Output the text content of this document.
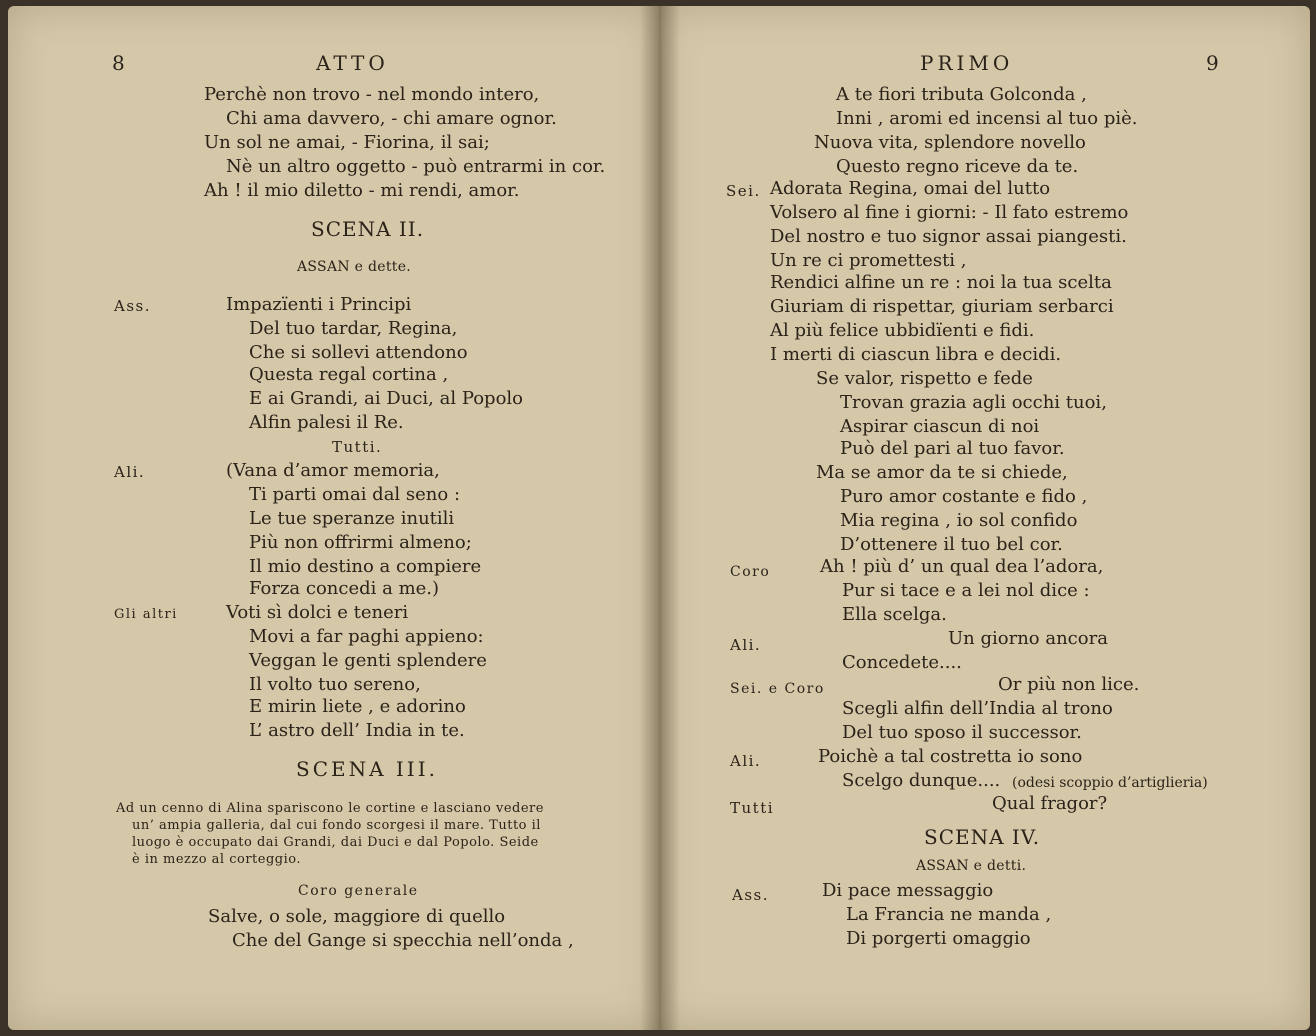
8	ATTO
Perchè non trovo - nel mondo intero,
Chi ama davvero, - chi amare ognor.
Un sol ne amai, - Fiorina, il sai;
Nè un altro oggetto - può entrarmi in cor.
Ah ! il mio diletto - mi rendi, amor.
SCENA II.
ASSAN e dette.
Ass.	Impazïenti i Principi
Del tuo tardar, Regina,
Che si sollevi attendono
Questa regal cortina ,
E ai Grandi, ai Duci, al Popolo
Alfin palesi il Re.
Tutti.
Ali.	(Vana d’amor memoria,
Ti parti omai dal seno :
Le tue speranze inutili
Più non offrirmi almeno;
Il mio destino a compiere
Forza concedi a me.)
Gli altri	Voti sì dolci e teneri
Movi a far paghi appieno:
Veggan le genti splendere
Il volto tuo sereno,
E mirin liete , e adorino
L’ astro dell’ India in te.
SCENA III.
Ad un cenno di Alina spariscono le cortine e lasciano vedere
un’ ampia galleria, dal cui fondo scorgesi il mare. Tutto il
luogo è occupato dai Grandi, dai Duci e dal Popolo. Seide
è in mezzo al corteggio.
Coro generale
Salve, o sole, maggiore di quello
Che del Gange si specchia nell’onda ,
PRIMO	9
A te fiori tributa Golconda ,
Inni , aromi ed incensi al tuo piè.
Nuova vita, splendore novello
Questo regno riceve da te.
Sei. Adorata Regina, omai del lutto
Volsero al fine i giorni: - Il fato estremo
Del nostro e tuo signor assai piangesti.
Un re ci promettesti ,
Rendici alfine un re : noi la tua scelta
Giuriam di rispettar, giuriam serbarci
Al più felice ubbidïenti e fidi.
I merti di ciascun libra e decidi.
Se valor, rispetto e fede
Trovan grazia agli occhi tuoi,
Aspirar ciascun di noi
Può del pari al tuo favor.
Ma se amor da te si chiede,
Puro amor costante e fido ,
Mia regina , io sol confido
D’ottenere il tuo bel cor.
Coro	Ah ! più d’ un qual dea l’adora,
Pur si tace e a lei nol dice :
Ella scelga.
Ali.	Un giorno ancora
Concedete....
Sei. e Coro	Or più non lice.
Scegli alfin dell’India al trono
Del tuo sposo il successor.
Ali.	Poichè a tal costretta io sono
Scelgo dunque.... (odesi scoppio d’artiglieria)
Tutti	Qual fragor?
SCENA IV.
ASSAN e detti.
Ass.	Di pace messaggio
La Francia ne manda ,
Di porgerti omaggio
